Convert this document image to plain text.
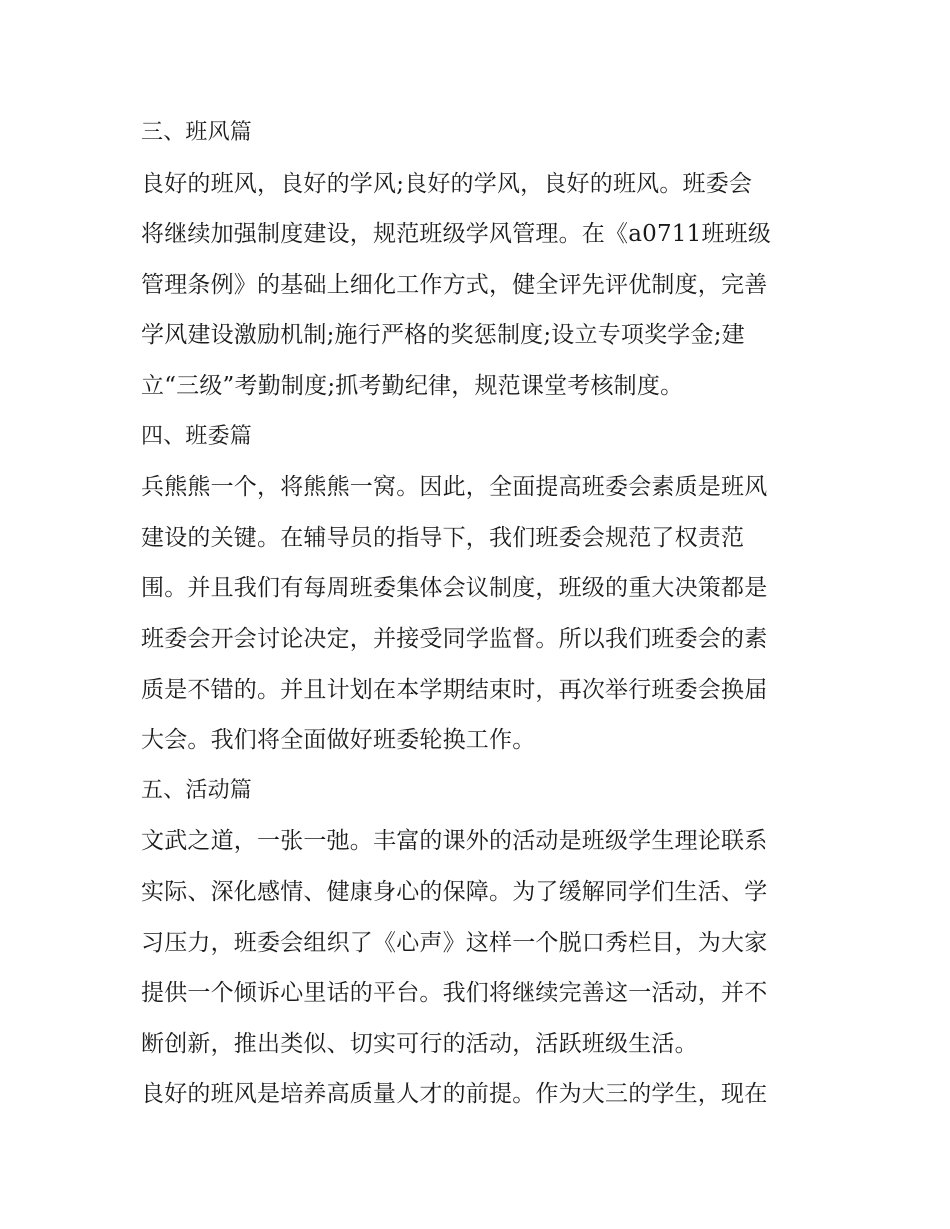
三、班风篇
良好的班风，良好的学风;良好的学风，良好的班风。班委会
将继续加强制度建设，规范班级学风管理。在《a0711班班级
管理条例》的基础上细化工作方式，健全评先评优制度，完善
学风建设激励机制;施行严格的奖惩制度;设立专项奖学金;建
立“三级”考勤制度;抓考勤纪律，规范课堂考核制度。
四、班委篇
兵熊熊一个，将熊熊一窝。因此，全面提高班委会素质是班风
建设的关键。在辅导员的指导下，我们班委会规范了权责范
围。并且我们有每周班委集体会议制度，班级的重大决策都是
班委会开会讨论决定，并接受同学监督。所以我们班委会的素
质是不错的。并且计划在本学期结束时，再次举行班委会换届
大会。我们将全面做好班委轮换工作。
五、活动篇
文武之道，一张一弛。丰富的课外的活动是班级学生理论联系
实际、深化感情、健康身心的保障。为了缓解同学们生活、学
习压力，班委会组织了《心声》这样一个脱口秀栏目，为大家
提供一个倾诉心里话的平台。我们将继续完善这一活动，并不
断创新，推出类似、切实可行的活动，活跃班级生活。
良好的班风是培养高质量人才的前提。作为大三的学生，现在
